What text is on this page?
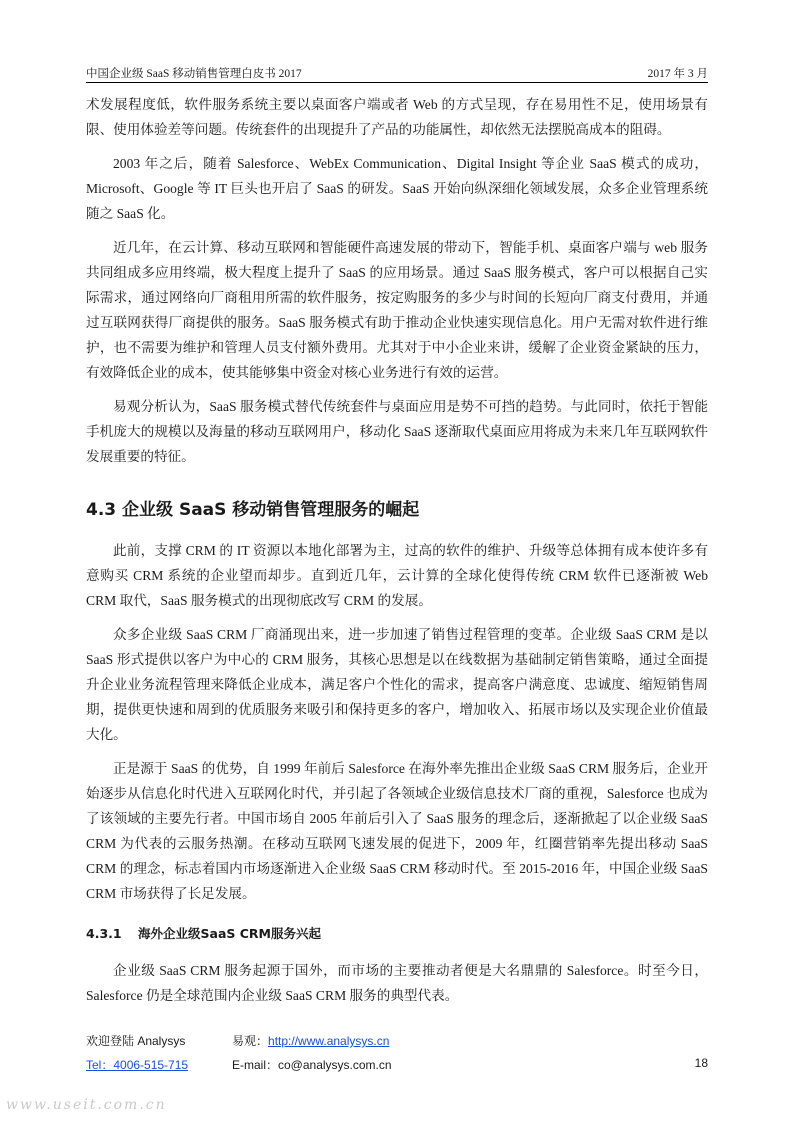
中国企业级 SaaS 移动销售管理白皮书 2017	2017 年 3 月

术发展程度低，软件服务系统主要以桌面客户端或者 Web 的方式呈现，存在易用性不足，使用场景有限、使用体验差等问题。传统套件的出现提升了产品的功能属性，却依然无法摆脱高成本的阻碍。

2003 年之后，随着 Salesforce、WebEx Communication、Digital Insight 等企业 SaaS 模式的成功，Microsoft、Google 等 IT 巨头也开启了 SaaS 的研发。SaaS 开始向纵深细化领域发展，众多企业管理系统随之 SaaS 化。

近几年，在云计算、移动互联网和智能硬件高速发展的带动下，智能手机、桌面客户端与 web 服务共同组成多应用终端，极大程度上提升了 SaaS 的应用场景。通过 SaaS 服务模式，客户可以根据自己实际需求，通过网络向厂商租用所需的软件服务，按定购服务的多少与时间的长短向厂商支付费用，并通过互联网获得厂商提供的服务。SaaS 服务模式有助于推动企业快速实现信息化。用户无需对软件进行维护，也不需要为维护和管理人员支付额外费用。尤其对于中小企业来讲，缓解了企业资金紧缺的压力，有效降低企业的成本，使其能够集中资金对核心业务进行有效的运营。

易观分析认为，SaaS 服务模式替代传统套件与桌面应用是势不可挡的趋势。与此同时，依托于智能手机庞大的规模以及海量的移动互联网用户，移动化 SaaS 逐渐取代桌面应用将成为未来几年互联网软件发展重要的特征。

4.3 企业级 SaaS 移动销售管理服务的崛起

此前，支撑 CRM 的 IT 资源以本地化部署为主，过高的软件的维护、升级等总体拥有成本使许多有意购买 CRM 系统的企业望而却步。直到近几年，云计算的全球化使得传统 CRM 软件已逐渐被 Web CRM 取代，SaaS 服务模式的出现彻底改写 CRM 的发展。

众多企业级 SaaS CRM 厂商涌现出来，进一步加速了销售过程管理的变革。企业级 SaaS CRM 是以 SaaS 形式提供以客户为中心的 CRM 服务，其核心思想是以在线数据为基础制定销售策略，通过全面提升企业业务流程管理来降低企业成本，满足客户个性化的需求，提高客户满意度、忠诚度、缩短销售周期，提供更快速和周到的优质服务来吸引和保持更多的客户，增加收入、拓展市场以及实现企业价值最大化。

正是源于 SaaS 的优势，自 1999 年前后 Salesforce 在海外率先推出企业级 SaaS CRM 服务后，企业开始逐步从信息化时代进入互联网化时代，并引起了各领域企业级信息技术厂商的重视，Salesforce 也成为了该领域的主要先行者。中国市场自 2005 年前后引入了 SaaS 服务的理念后，逐渐掀起了以企业级 SaaS CRM 为代表的云服务热潮。在移动互联网飞速发展的促进下，2009 年，红圈营销率先提出移动 SaaS CRM 的理念，标志着国内市场逐渐进入企业级 SaaS CRM 移动时代。至 2015-2016 年，中国企业级 SaaS CRM 市场获得了长足发展。

4.3.1 海外企业级SaaS CRM服务兴起

企业级 SaaS CRM 服务起源于国外，而市场的主要推动者便是大名鼎鼎的 Salesforce。时至今日，Salesforce 仍是全球范围内企业级 SaaS CRM 服务的典型代表。

欢迎登陆 Analysys
Tel：4006-515-715
易观：http://www.analysys.cn
E-mail：co@analysys.com.cn	18
www.useit.com.cn
